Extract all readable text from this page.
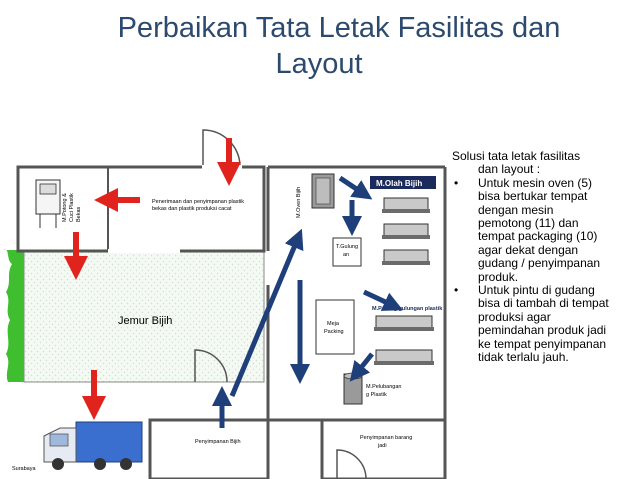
Perbaikan Tata Letak Fasilitas dan
Layout
M.Potong & Cuci Plastik Bekas
Penerimaan dan penyimpanan plastik
bekas dan plastik produksi cacat	M.Oven Bijih
M.Olah Bijih
T.Gulung
an
M.Potong gulungan plastik
Meja
Packing
M.Pelubangan
g Plastik
Penyimpanan Bijih
Penyimpanan barang
jadi
Jemur Bijih
Surabaya

Solusi tata letak fasilitas
dan layout :

• Untuk mesin oven (5)
bisa bertukar tempat
dengan mesin
pemotong (11) dan
tempat packaging (10)
agar dekat dengan
gudang / penyimpanan
produk.
• Untuk pintu di gudang
bisa di tambah di tempat
produksi agar
pemindahan produk jadi
ke tempat penyimpanan
tidak terlalu jauh.
